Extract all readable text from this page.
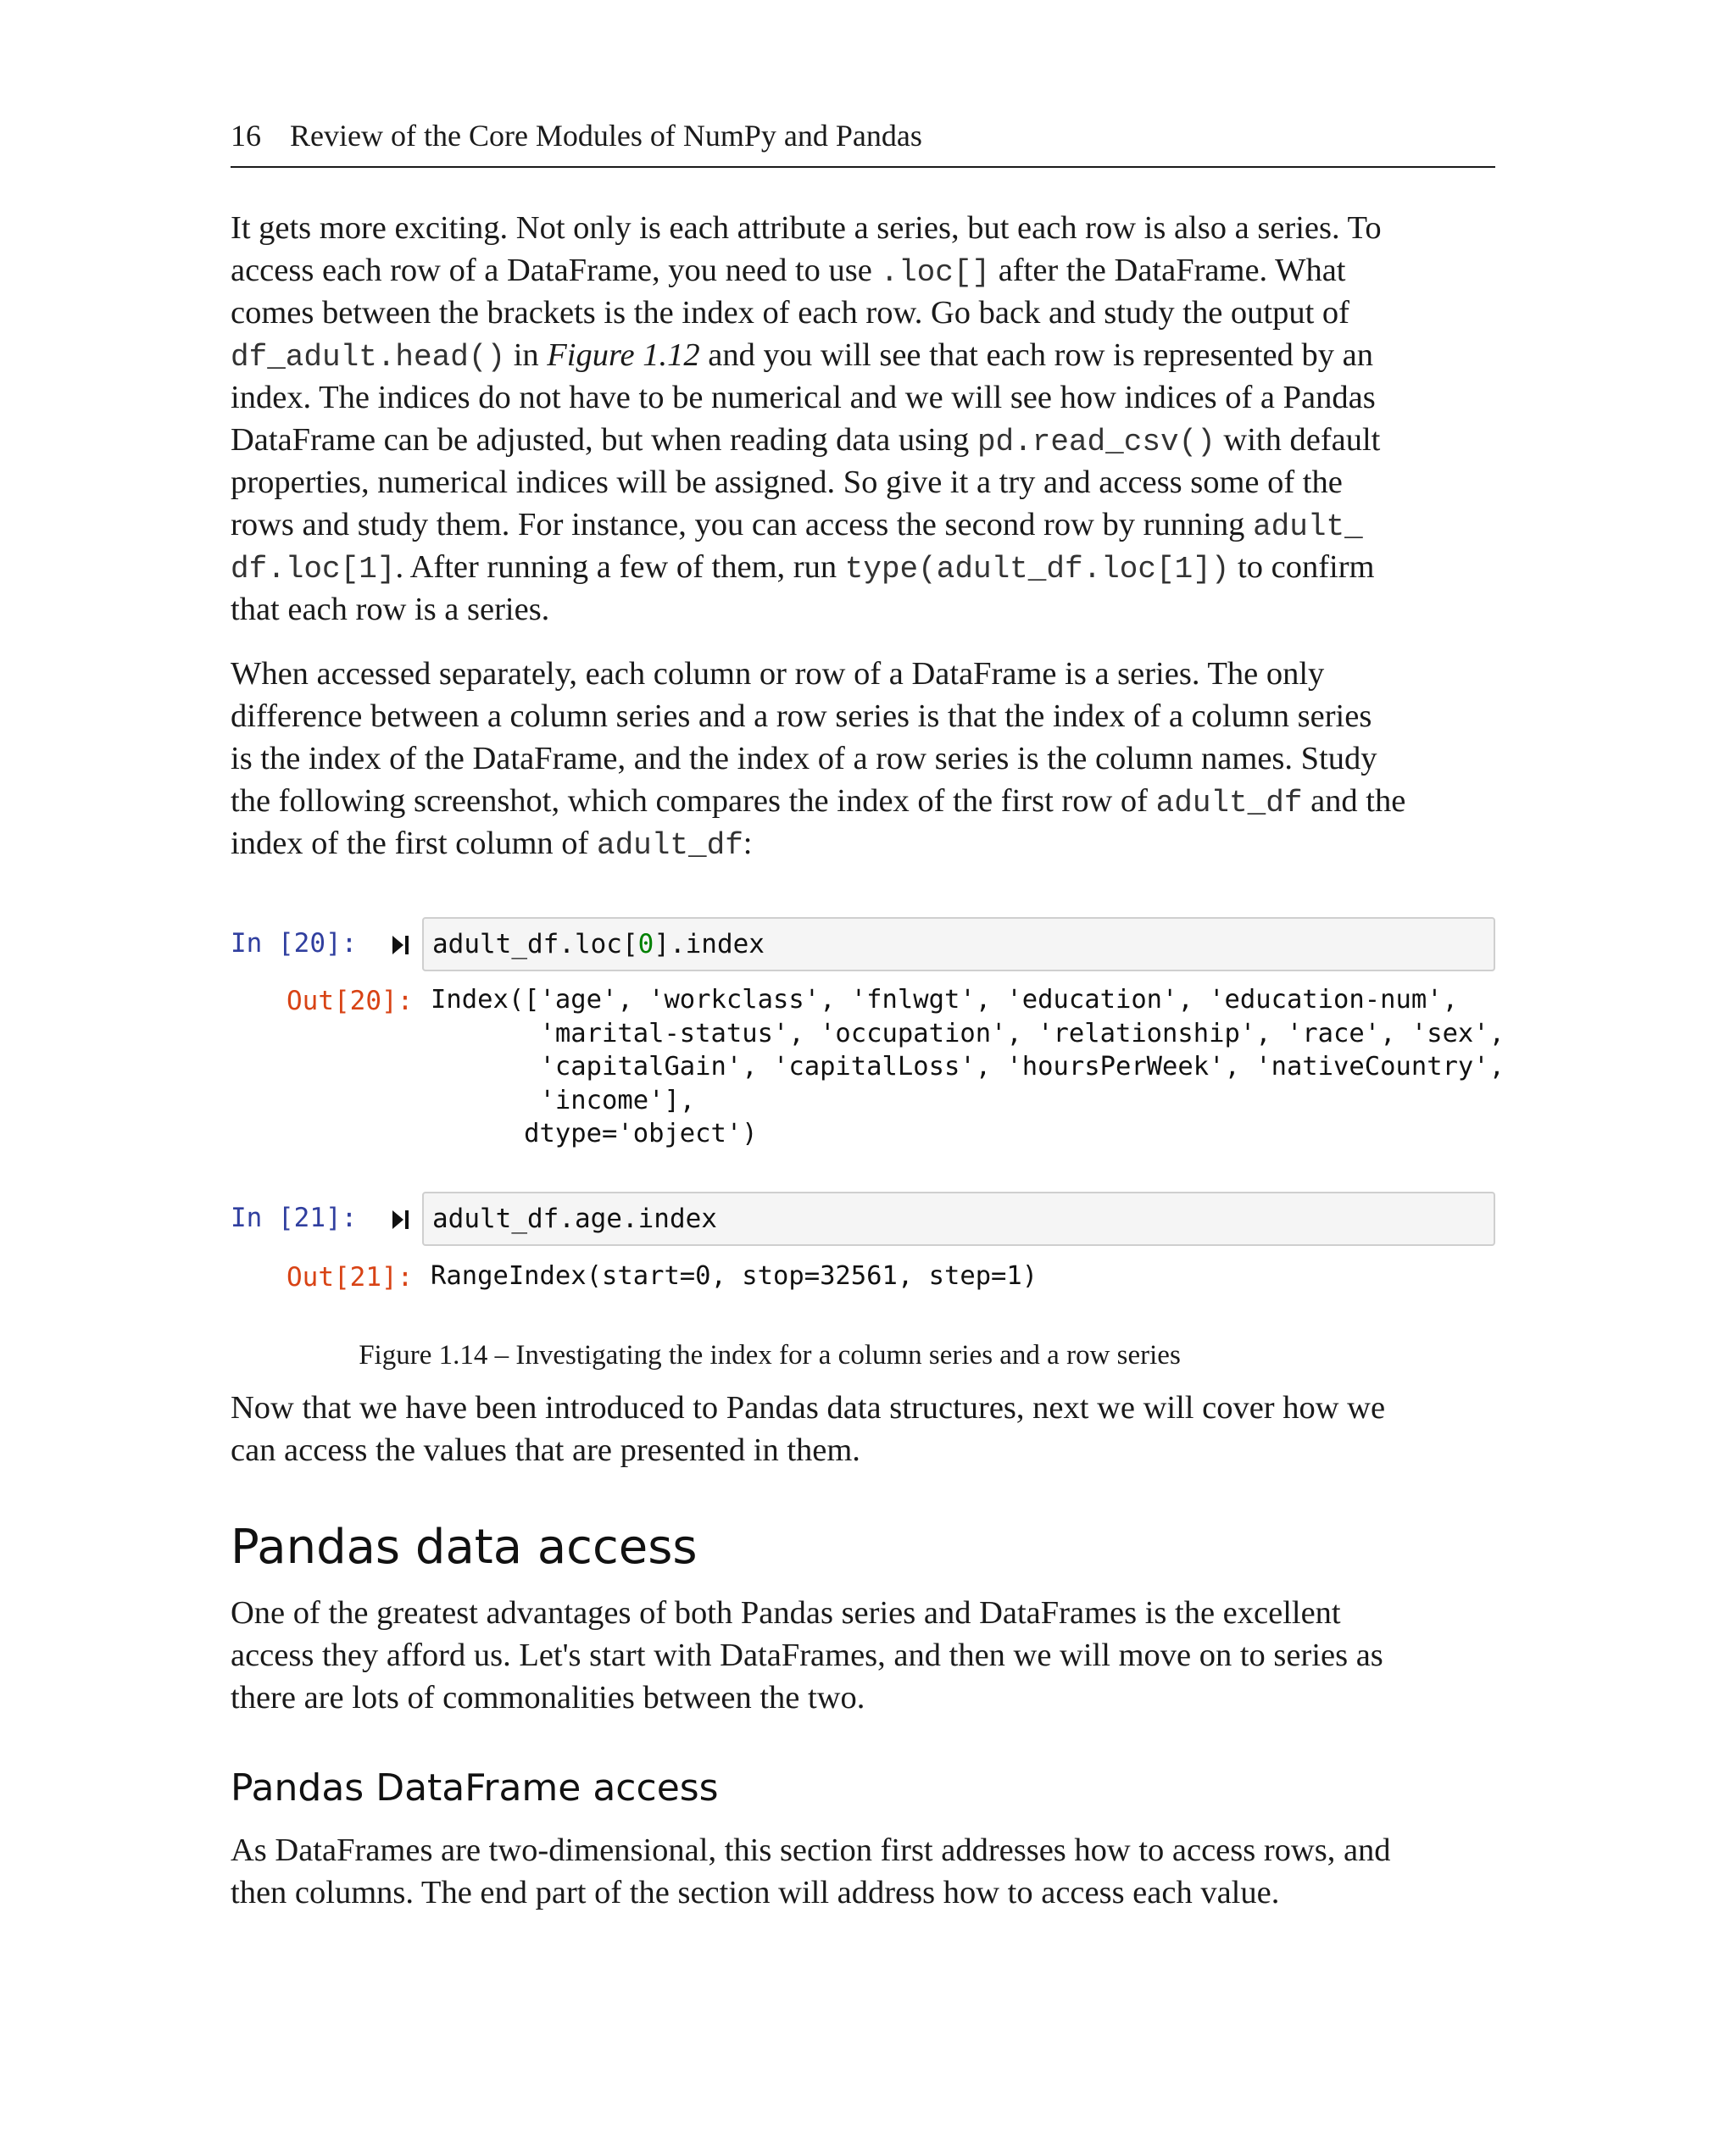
16 Review of the Core Modules of NumPy and Pandas

It gets more exciting. Not only is each attribute a series, but each row is also a series. To
access each row of a DataFrame, you need to use .loc[] after the DataFrame. What
comes between the brackets is the index of each row. Go back and study the output of
df_adult.head() in Figure 1.12 and you will see that each row is represented by an
index. The indices do not have to be numerical and we will see how indices of a Pandas
DataFrame can be adjusted, but when reading data using pd.read_csv() with default
properties, numerical indices will be assigned. So give it a try and access some of the
rows and study them. For instance, you can access the second row by running adult_
df.loc[1]. After running a few of them, run type(adult_df.loc[1]) to confirm
that each row is a series.

When accessed separately, each column or row of a DataFrame is a series. The only
difference between a column series and a row series is that the index of a column series
is the index of the DataFrame, and the index of a row series is the column names. Study
the following screenshot, which compares the index of the first row of adult_df and the
index of the first column of adult_df:

In [20]:	adult_df.loc[0].index
Out[20]: Index(['age', 'workclass', 'fnlwgt', 'education', 'education-num',
'marital-status', 'occupation', 'relationship', 'race', 'sex',
'capitalGain', 'capitalLoss', 'hoursPerWeek', 'nativeCountry',
'income'],
dtype='object')
In [21]:	adult_df.age.index
Out[21]: RangeIndex(start=0, stop=32561, step=1)
Figure 1.14 – Investigating the index for a column series and a row series

Now that we have been introduced to Pandas data structures, next we will cover how we
can access the values that are presented in them.

Pandas data access

One of the greatest advantages of both Pandas series and DataFrames is the excellent
access they afford us. Let's start with DataFrames, and then we will move on to series as
there are lots of commonalities between the two.

Pandas DataFrame access

As DataFrames are two-dimensional, this section first addresses how to access rows, and
then columns. The end part of the section will address how to access each value.
